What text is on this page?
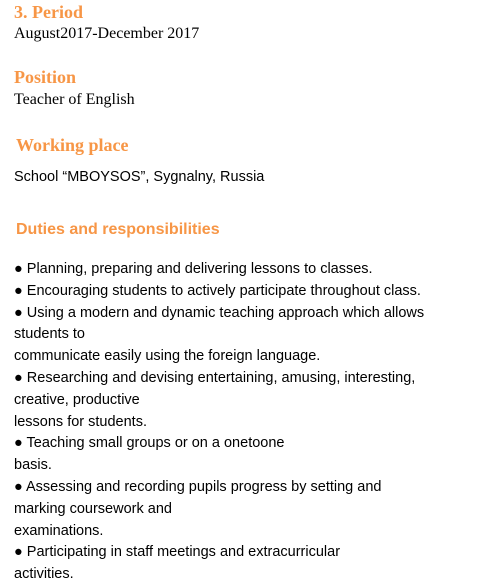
3. Period
August2017-December 2017
Position
Teacher of English
Working place
School “MBOYSOS”, Sygnalny, Russia
Duties and responsibilities
● Planning, preparing and delivering lessons to classes.
● Encouraging students to actively participate throughout class.
● Using a modern and dynamic teaching approach which allows
students to
communicate easily using the foreign language.
● Researching and devising entertaining, amusing, interesting,
creative, productive
lessons for students.
● Teaching small groups or on a onetoone
basis.
● Assessing and recording pupils progress by setting and
marking coursework and
examinations.
● Participating in staff meetings and extracurricular
activities.
